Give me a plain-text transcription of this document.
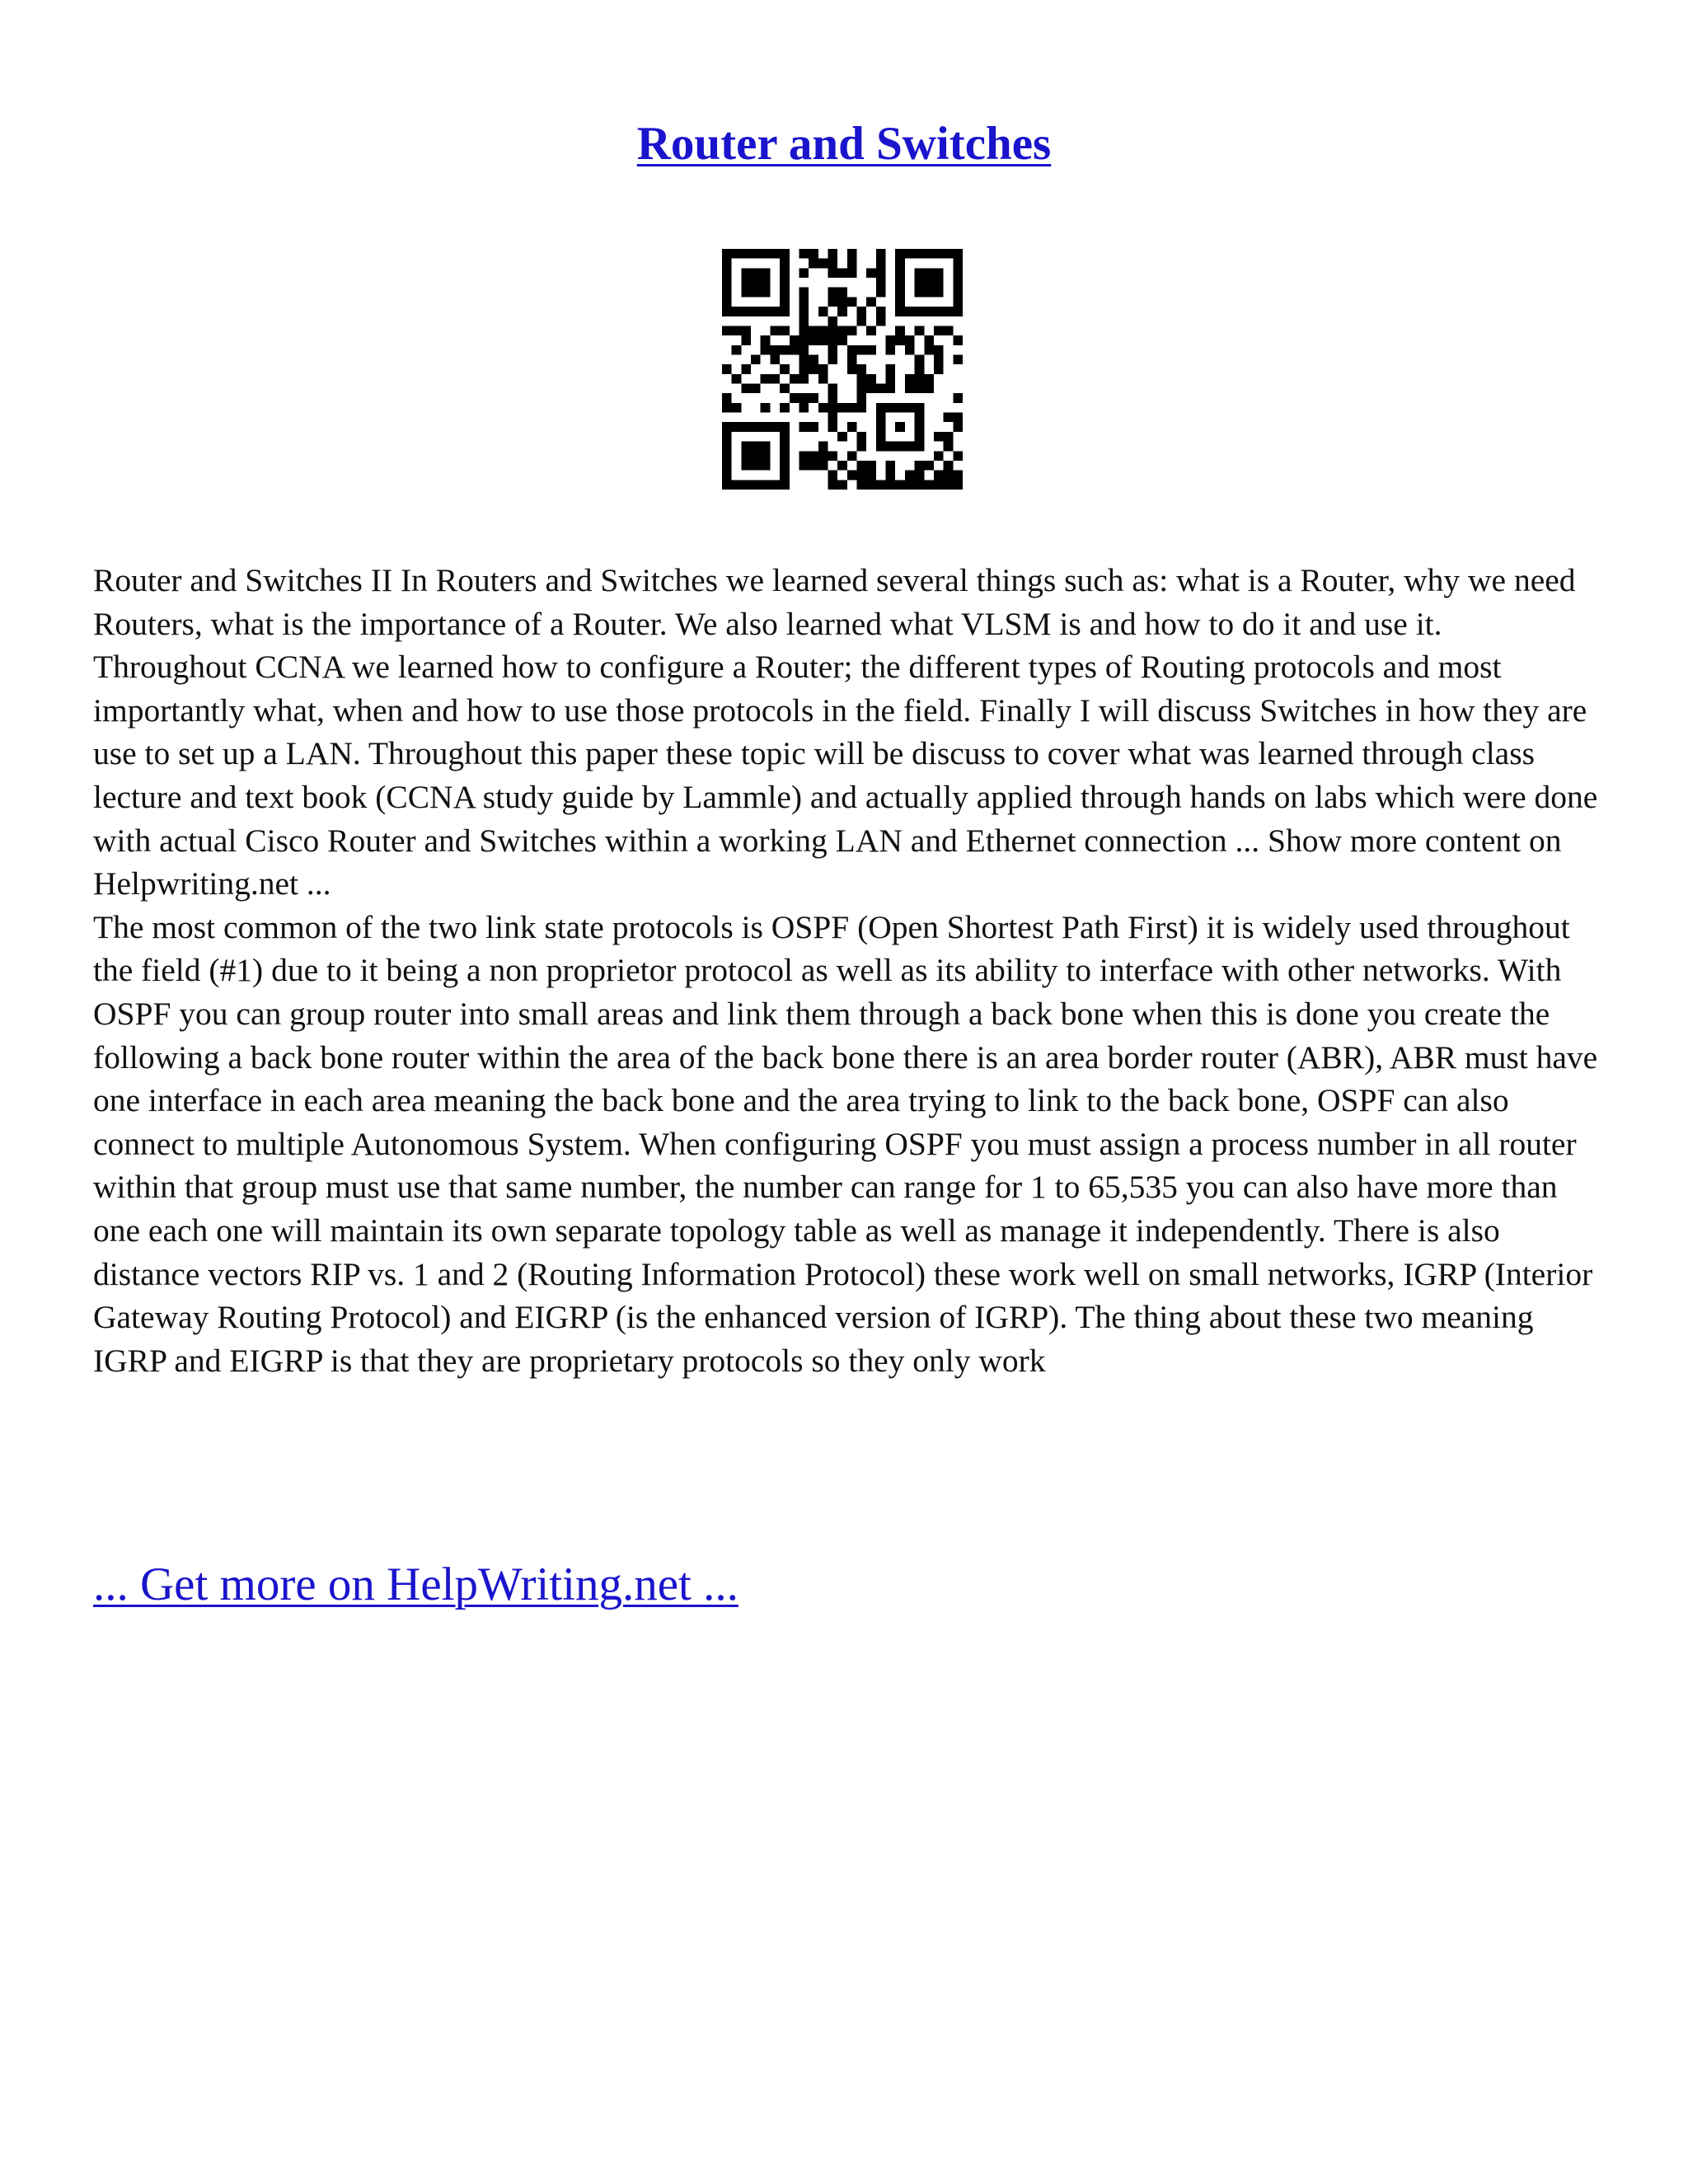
Router and Switches

Router and Switches II In Routers and Switches we learned several things such as: what is a Router, why we need Routers, what is the importance of a Router. We also learned what VLSM is and how to do it and use it. Throughout CCNA we learned how to configure a Router; the different types of Routing protocols and most importantly what, when and how to use those protocols in the field. Finally I will discuss Switches in how they are use to set up a LAN. Throughout this paper these topic will be discuss to cover what was learned through class lecture and text book (CCNA study guide by Lammle) and actually applied through hands on labs which were done with actual Cisco Router and Switches within a working LAN and Ethernet connection ... Show more content on Helpwriting.net ...

The most common of the two link state protocols is OSPF (Open Shortest Path First) it is widely used throughout the field (#1) due to it being a non proprietor protocol as well as its ability to interface with other networks. With OSPF you can group router into small areas and link them through a back bone when this is done you create the following a back bone router within the area of the back bone there is an area border router (ABR), ABR must have one interface in each area meaning the back bone and the area trying to link to the back bone, OSPF can also connect to multiple Autonomous System. When configuring OSPF you must assign a process number in all router within that group must use that same number, the number can range for 1 to 65,535 you can also have more than one each one will maintain its own separate topology table as well as manage it independently. There is also distance vectors RIP vs. 1 and 2 (Routing Information Protocol) these work well on small networks, IGRP (Interior Gateway Routing Protocol) and EIGRP (is the enhanced version of IGRP). The thing about these two meaning IGRP and EIGRP is that they are proprietary protocols so they only work

... Get more on HelpWriting.net ...
